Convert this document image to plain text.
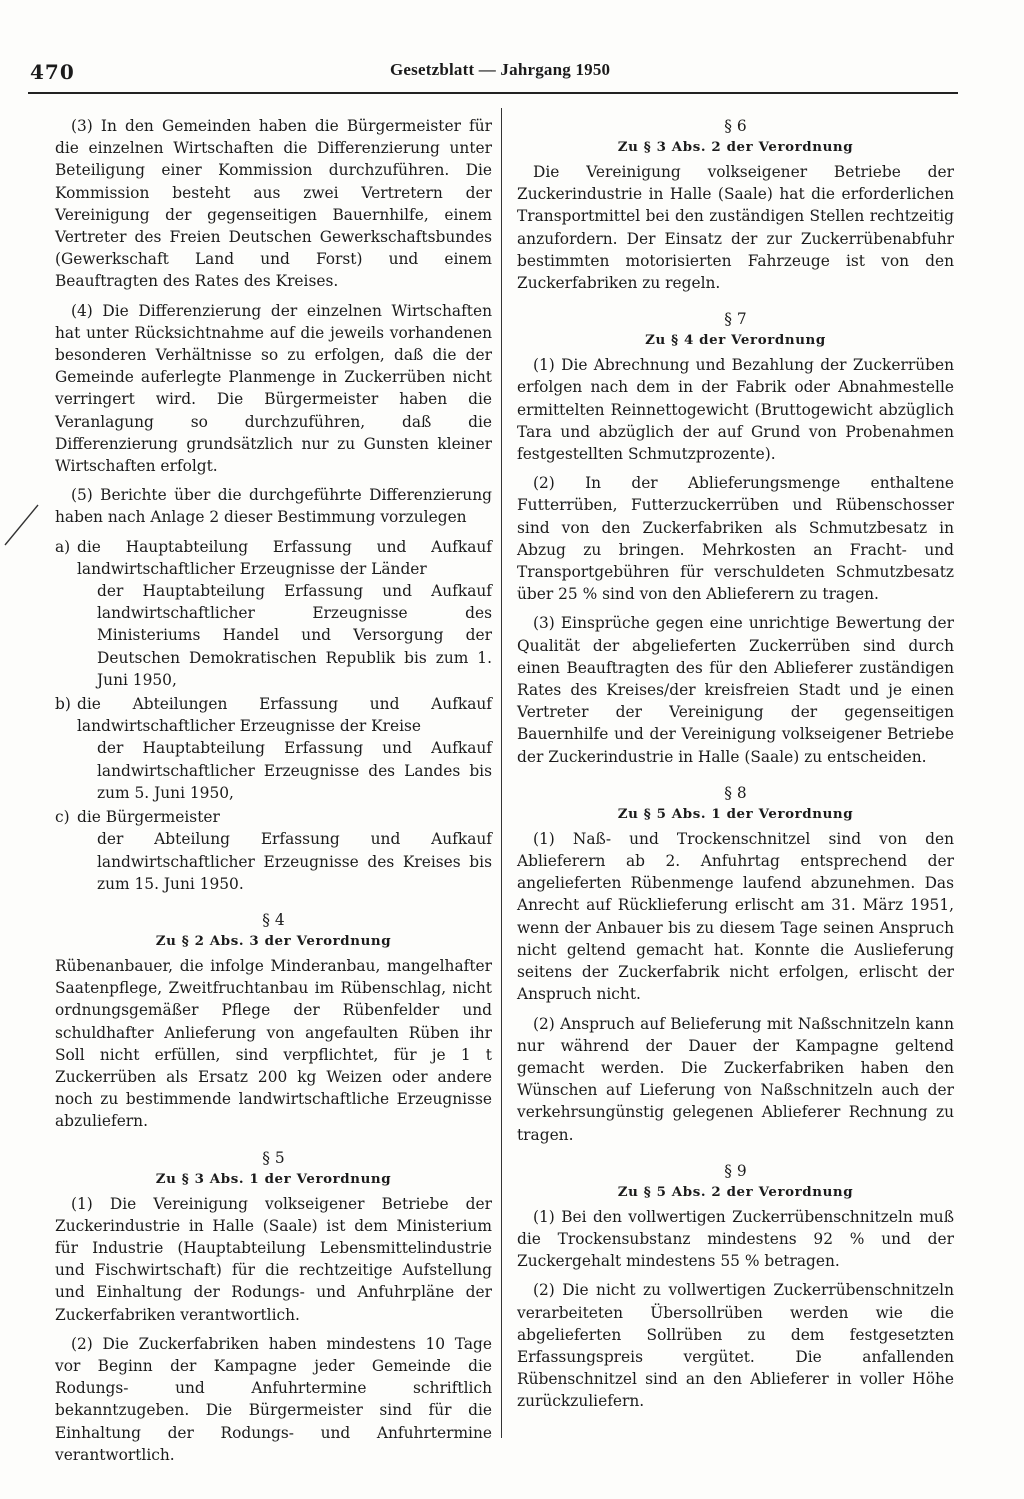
470	Gesetzblatt — Jahrgang 1950

(3) In den Gemeinden haben die Bürgermeister für die einzelnen Wirtschaften die Differenzierung unter Beteiligung einer Kommission durchzuführen. Die Kommission besteht aus zwei Vertretern der Vereinigung der gegenseitigen Bauernhilfe, einem Vertreter des Freien Deutschen Gewerkschaftsbundes (Gewerkschaft Land und Forst) und einem Beauftragten des Rates des Kreises.

(4) Die Differenzierung der einzelnen Wirtschaften hat unter Rücksichtnahme auf die jeweils vorhandenen besonderen Verhältnisse so zu erfolgen, daß die der Gemeinde auferlegte Planmenge in Zuckerrüben nicht verringert wird. Die Bürgermeister haben die Veranlagung so durchzuführen, daß die Differenzierung grundsätzlich nur zu Gunsten kleiner Wirtschaften erfolgt.

(5) Berichte über die durchgeführte Differenzierung haben nach Anlage 2 dieser Bestimmung vorzulegen

a) die Hauptabteilung Erfassung und Aufkauf landwirtschaftlicher Erzeugnisse der Länder
der Hauptabteilung Erfassung und Aufkauf landwirtschaftlicher Erzeugnisse des Ministeriums Handel und Versorgung der Deutschen Demokratischen Republik bis zum 1. Juni 1950,
b) die Abteilungen Erfassung und Aufkauf landwirtschaftlicher Erzeugnisse der Kreise
der Hauptabteilung Erfassung und Aufkauf landwirtschaftlicher Erzeugnisse des Landes bis zum 5. Juni 1950,
c) die Bürgermeister
der Abteilung Erfassung und Aufkauf landwirtschaftlicher Erzeugnisse des Kreises bis zum 15. Juni 1950.
§ 4
Zu § 2 Abs. 3 der Verordnung

Rübenanbauer, die infolge Minderanbau, mangelhafter Saatenpflege, Zweitfruchtanbau im Rübenschlag, nicht ordnungsgemäßer Pflege der Rübenfelder und schuldhafter Anlieferung von angefaulten Rüben ihr Soll nicht erfüllen, sind verpflichtet, für je 1 t Zuckerrüben als Ersatz 200 kg Weizen oder andere noch zu bestimmende landwirtschaftliche Erzeugnisse abzuliefern.

§ 5
Zu § 3 Abs. 1 der Verordnung

(1) Die Vereinigung volkseigener Betriebe der Zuckerindustrie in Halle (Saale) ist dem Ministerium für Industrie (Hauptabteilung Lebensmittelindustrie und Fischwirtschaft) für die rechtzeitige Aufstellung und Einhaltung der Rodungs- und Anfuhrpläne der Zuckerfabriken verantwortlich.

(2) Die Zuckerfabriken haben mindestens 10 Tage vor Beginn der Kampagne jeder Gemeinde die Rodungs- und Anfuhrtermine schriftlich bekanntzugeben. Die Bürgermeister sind für die Einhaltung der Rodungs- und Anfuhrtermine verantwortlich.

§ 6
Zu § 3 Abs. 2 der Verordnung

Die Vereinigung volkseigener Betriebe der Zuckerindustrie in Halle (Saale) hat die erforderlichen Transportmittel bei den zuständigen Stellen rechtzeitig anzufordern. Der Einsatz der zur Zuckerrübenabfuhr bestimmten motorisierten Fahrzeuge ist von den Zuckerfabriken zu regeln.

§ 7
Zu § 4 der Verordnung

(1) Die Abrechnung und Bezahlung der Zuckerrüben erfolgen nach dem in der Fabrik oder Abnahmestelle ermittelten Reinnettogewicht (Bruttogewicht abzüglich Tara und abzüglich der auf Grund von Probenahmen festgestellten Schmutzprozente).

(2) In der Ablieferungsmenge enthaltene Futterrüben, Futterzuckerrüben und Rübenschosser sind von den Zuckerfabriken als Schmutzbesatz in Abzug zu bringen. Mehrkosten an Fracht- und Transportgebühren für verschuldeten Schmutzbesatz über 25 % sind von den Ablieferern zu tragen.

(3) Einsprüche gegen eine unrichtige Bewertung der Qualität der abgelieferten Zuckerrüben sind durch einen Beauftragten des für den Ablieferer zuständigen Rates des Kreises/der kreisfreien Stadt und je einen Vertreter der Vereinigung der gegenseitigen Bauernhilfe und der Vereinigung volkseigener Betriebe der Zuckerindustrie in Halle (Saale) zu entscheiden.

§ 8
Zu § 5 Abs. 1 der Verordnung

(1) Naß- und Trockenschnitzel sind von den Ablieferern ab 2. Anfuhrtag entsprechend der angelieferten Rübenmenge laufend abzunehmen. Das Anrecht auf Rücklieferung erlischt am 31. März 1951, wenn der Anbauer bis zu diesem Tage seinen Anspruch nicht geltend gemacht hat. Konnte die Auslieferung seitens der Zuckerfabrik nicht erfolgen, erlischt der Anspruch nicht.

(2) Anspruch auf Belieferung mit Naßschnitzeln kann nur während der Dauer der Kampagne geltend gemacht werden. Die Zuckerfabriken haben den Wünschen auf Lieferung von Naßschnitzeln auch der verkehrsungünstig gelegenen Ablieferer Rechnung zu tragen.

§ 9
Zu § 5 Abs. 2 der Verordnung

(1) Bei den vollwertigen Zuckerrübenschnitzeln muß die Trockensubstanz mindestens 92 % und der Zuckergehalt mindestens 55 % betragen.

(2) Die nicht zu vollwertigen Zuckerrübenschnitzeln verarbeiteten Übersollrüben werden wie die abgelieferten Sollrüben zu dem festgesetzten Erfassungspreis vergütet. Die anfallenden Rübenschnitzel sind an den Ablieferer in voller Höhe zurückzuliefern.
